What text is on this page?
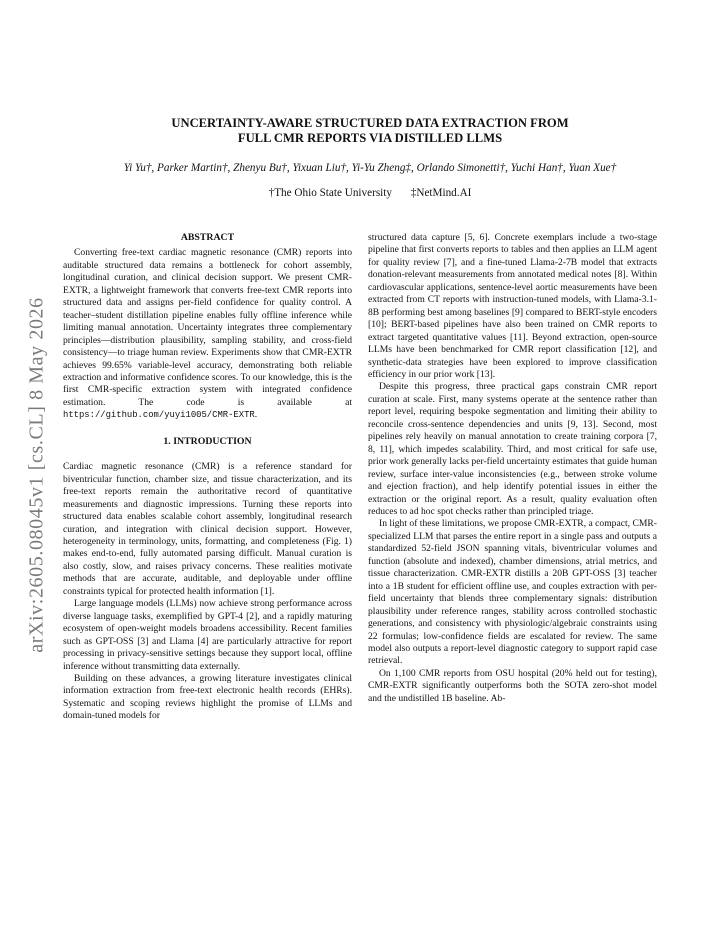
arXiv:2605.08045v1 [cs.CL] 8 May 2026
UNCERTAINTY-AWARE STRUCTURED DATA EXTRACTION FROM
FULL CMR REPORTS VIA DISTILLED LLMS
Yi Yu†, Parker Martin†, Zhenyu Bu†, Yixuan Liu†, Yi-Yu Zheng‡, Orlando Simonetti†, Yuchi Han†, Yuan Xue†
†The Ohio State University ‡NetMind.AI
ABSTRACT

Converting free-text cardiac magnetic resonance (CMR) reports into auditable structured data remains a bottleneck for cohort assembly, longitudinal curation, and clinical decision support. We present CMR-EXTR, a lightweight framework that converts free-text CMR reports into structured data and assigns per-field confidence for quality control. A teacher–student distillation pipeline enables fully offline inference while limiting manual annotation. Uncertainty integrates three complementary principles—distribution plausibility, sampling stability, and cross-field consistency—to triage human review. Experiments show that CMR-EXTR achieves 99.65% variable-level accuracy, demonstrating both reliable extraction and informative confidence scores. To our knowledge, this is the first CMR-specific extraction system with integrated confidence estimation. The code is available at https://github.com/yuyi1005/CMR-EXTR.

1. INTRODUCTION

Cardiac magnetic resonance (CMR) is a reference standard for biventricular function, chamber size, and tissue characterization, and its free-text reports remain the authoritative record of quantitative measurements and diagnostic impressions. Turning these reports into structured data enables scalable cohort assembly, longitudinal research curation, and integration with clinical decision support. However, heterogeneity in terminology, units, formatting, and completeness (Fig. 1) makes end-to-end, fully automated parsing difficult. Manual curation is also costly, slow, and raises privacy concerns. These realities motivate methods that are accurate, auditable, and deployable under offline constraints typical for protected health information [1].

Large language models (LLMs) now achieve strong performance across diverse language tasks, exemplified by GPT-4 [2], and a rapidly maturing ecosystem of open-weight models broadens accessibility. Recent families such as GPT-OSS [3] and Llama [4] are particularly attractive for report processing in privacy-sensitive settings because they support local, offline inference without transmitting data externally.

Building on these advances, a growing literature investigates clinical information extraction from free-text electronic health records (EHRs). Systematic and scoping reviews highlight the promise of LLMs and domain-tuned models for

structured data capture [5, 6]. Concrete exemplars include a two-stage pipeline that first converts reports to tables and then applies an LLM agent for quality review [7], and a fine-tuned Llama-2-7B model that extracts donation-relevant measurements from annotated medical notes [8]. Within cardiovascular applications, sentence-level aortic measurements have been extracted from CT reports with instruction-tuned models, with Llama-3.1-8B performing best among baselines [9] compared to BERT-style encoders [10]; BERT-based pipelines have also been trained on CMR reports to extract targeted quantitative values [11]. Beyond extraction, open-source LLMs have been benchmarked for CMR report classification [12], and synthetic-data strategies have been explored to improve classification efficiency in our prior work [13].

Despite this progress, three practical gaps constrain CMR report curation at scale. First, many systems operate at the sentence rather than report level, requiring bespoke segmentation and limiting their ability to reconcile cross-sentence dependencies and units [9, 13]. Second, most pipelines rely heavily on manual annotation to create training corpora [7, 8, 11], which impedes scalability. Third, and most critical for safe use, prior work generally lacks per-field uncertainty estimates that guide human review, surface inter-value inconsistencies (e.g., between stroke volume and ejection fraction), and help identify potential issues in either the extraction or the original report. As a result, quality evaluation often reduces to ad hoc spot checks rather than principled triage.

In light of these limitations, we propose CMR-EXTR, a compact, CMR-specialized LLM that parses the entire report in a single pass and outputs a standardized 52-field JSON spanning vitals, biventricular volumes and function (absolute and indexed), chamber dimensions, atrial metrics, and tissue characterization. CMR-EXTR distills a 20B GPT-OSS [3] teacher into a 1B student for efficient offline use, and couples extraction with per-field uncertainty that blends three complementary signals: distribution plausibility under reference ranges, stability across controlled stochastic generations, and consistency with physiologic/algebraic constraints using 22 formulas; low-confidence fields are escalated for review. The same model also outputs a report-level diagnostic category to support rapid case retrieval.

On 1,100 CMR reports from OSU hospital (20% held out for testing), CMR-EXTR significantly outperforms both the SOTA zero-shot model and the undistilled 1B baseline. Ab-
